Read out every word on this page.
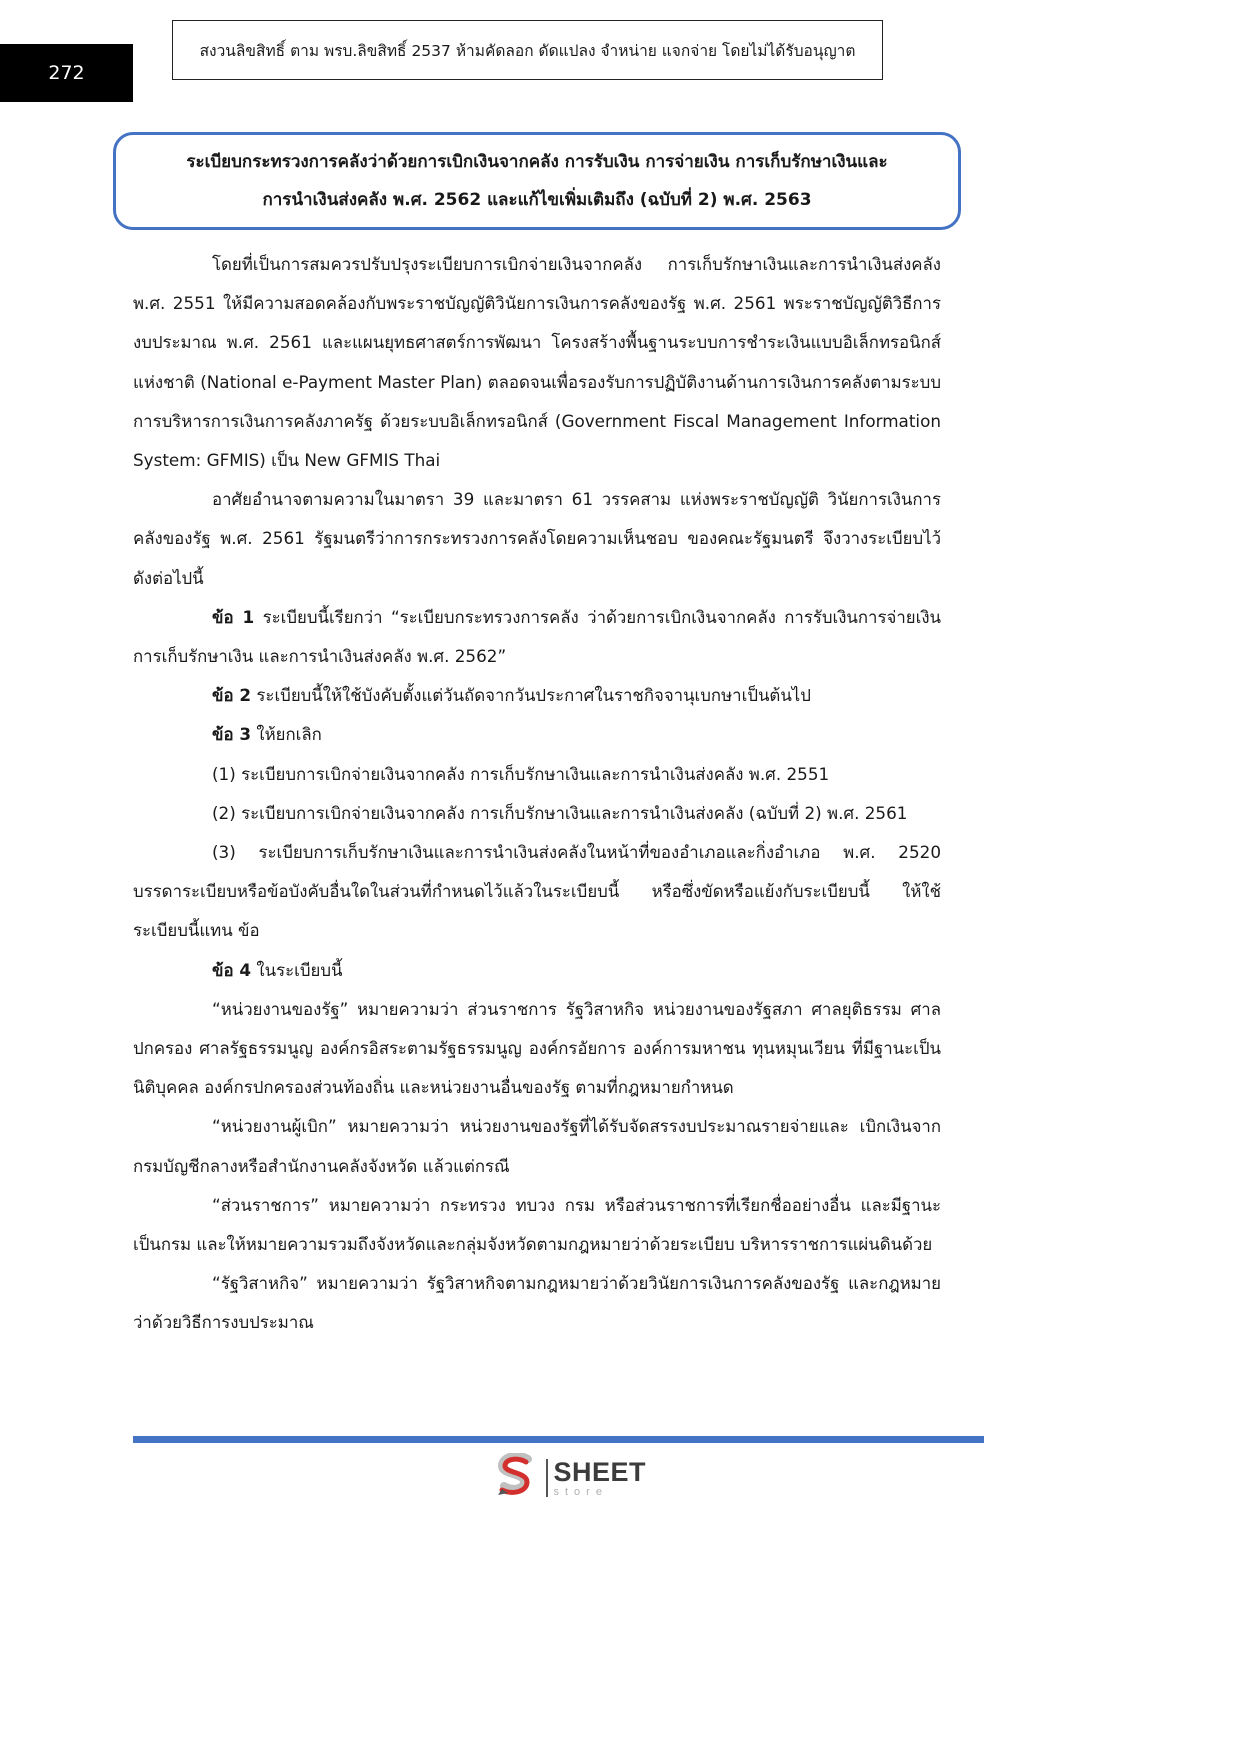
272
สงวนลิขสิทธิ์ ตาม พรบ.ลิขสิทธิ์ 2537 ห้ามคัดลอก ดัดแปลง จำหน่าย แจกจ่าย โดยไม่ได้รับอนุญาต
ระเบียบกระทรวงการคลังว่าด้วยการเบิกเงินจากคลัง การรับเงิน การจ่ายเงิน การเก็บรักษาเงินและ
การนำเงินส่งคลัง พ.ศ. 2562 และแก้ไขเพิ่มเติมถึง (ฉบับที่ 2) พ.ศ. 2563

โดยที่เป็นการสมควรปรับปรุงระเบียบการเบิกจ่ายเงินจากคลัง การเก็บรักษาเงินและการนำเงินส่งคลัง พ.ศ. 2551 ให้มีความสอดคล้องกับพระราชบัญญัติวินัยการเงินการคลังของรัฐ พ.ศ. 2561 พระราชบัญญัติวิธีการงบประมาณ พ.ศ. 2561 และแผนยุทธศาสตร์การพัฒนา โครงสร้างพื้นฐานระบบการชำระเงินแบบอิเล็กทรอนิกส์แห่งชาติ (National e-Payment Master Plan) ตลอดจนเพื่อรองรับการปฏิบัติงานด้านการเงินการคลังตามระบบการบริหารการเงินการคลังภาครัฐ ด้วยระบบอิเล็กทรอนิกส์ (Government Fiscal Management Information System: GFMIS) เป็น New GFMIS Thai

อาศัยอำนาจตามความในมาตรา 39 และมาตรา 61 วรรคสาม แห่งพระราชบัญญัติ วินัยการเงินการคลังของรัฐ พ.ศ. 2561 รัฐมนตรีว่าการกระทรวงการคลังโดยความเห็นชอบ ของคณะรัฐมนตรี จึงวางระเบียบไว้ ดังต่อไปนี้

ข้อ 1 ระเบียบนี้เรียกว่า “ระเบียบกระทรวงการคลัง ว่าด้วยการเบิกเงินจากคลัง การรับเงินการจ่ายเงิน การเก็บรักษาเงิน และการนำเงินส่งคลัง พ.ศ. 2562”

ข้อ 2 ระเบียบนี้ให้ใช้บังคับตั้งแต่วันถัดจากวันประกาศในราชกิจจานุเบกษาเป็นต้นไป

ข้อ 3 ให้ยกเลิก

(1) ระเบียบการเบิกจ่ายเงินจากคลัง การเก็บรักษาเงินและการนำเงินส่งคลัง พ.ศ. 2551

(2) ระเบียบการเบิกจ่ายเงินจากคลัง การเก็บรักษาเงินและการนำเงินส่งคลัง (ฉบับที่ 2) พ.ศ. 2561

(3) ระเบียบการเก็บรักษาเงินและการนำเงินส่งคลังในหน้าที่ของอำเภอและกิ่งอำเภอ พ.ศ. 2520 บรรดาระเบียบหรือข้อบังคับอื่นใดในส่วนที่กำหนดไว้แล้วในระเบียบนี้ หรือซึ่งขัดหรือแย้งกับระเบียบนี้ ให้ใช้ระเบียบนี้แทน ข้อ

ข้อ 4 ในระเบียบนี้

“หน่วยงานของรัฐ” หมายความว่า ส่วนราชการ รัฐวิสาหกิจ หน่วยงานของรัฐสภา ศาลยุติธรรม ศาลปกครอง ศาลรัฐธรรมนูญ องค์กรอิสระตามรัฐธรรมนูญ องค์กรอัยการ องค์การมหาชน ทุนหมุนเวียน ที่มีฐานะเป็นนิติบุคคล องค์กรปกครองส่วนท้องถิ่น และหน่วยงานอื่นของรัฐ ตามที่กฎหมายกำหนด

“หน่วยงานผู้เบิก” หมายความว่า หน่วยงานของรัฐที่ได้รับจัดสรรงบประมาณรายจ่ายและ เบิกเงินจากกรมบัญชีกลางหรือสำนักงานคลังจังหวัด แล้วแต่กรณี

“ส่วนราชการ” หมายความว่า กระทรวง ทบวง กรม หรือส่วนราชการที่เรียกชื่ออย่างอื่น และมีฐานะเป็นกรม และให้หมายความรวมถึงจังหวัดและกลุ่มจังหวัดตามกฎหมายว่าด้วยระเบียบ บริหารราชการแผ่นดินด้วย

“รัฐวิสาหกิจ” หมายความว่า รัฐวิสาหกิจตามกฎหมายว่าด้วยวินัยการเงินการคลังของรัฐ และกฎหมายว่าด้วยวิธีการงบประมาณ

SHEET
store
